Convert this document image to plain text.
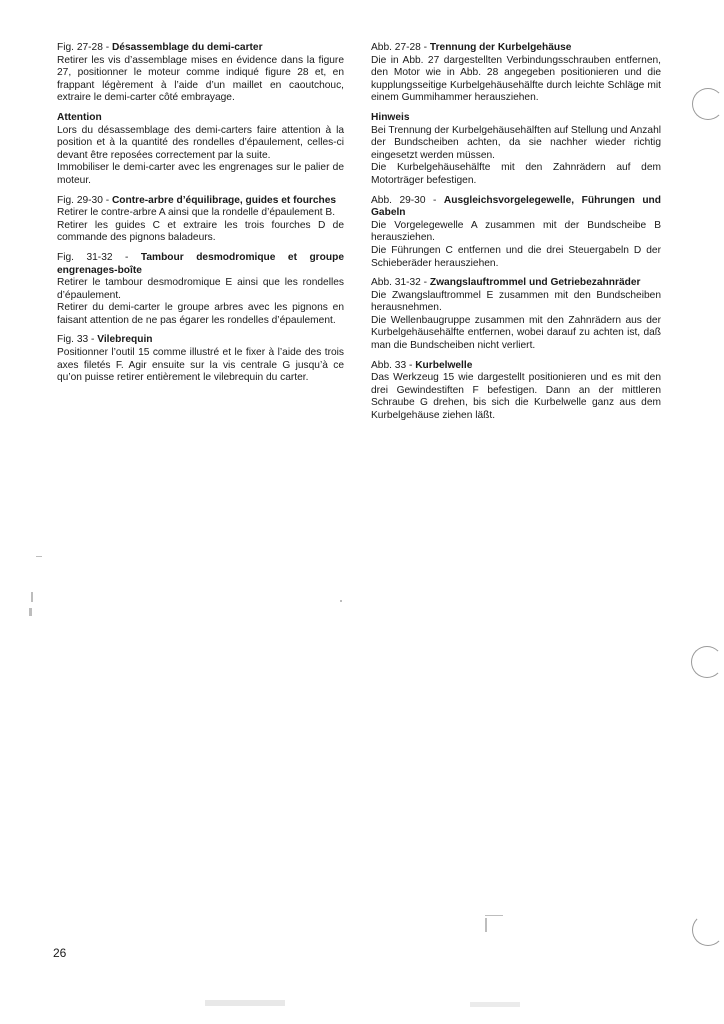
Fig. 27-28 - Désassemblage du demi-carter

Retirer les vis d’assemblage mises en évidence dans la figure 27, positionner le moteur comme indiqué figure 28 et, en frappant légèrement à l’aide d’un maillet en caoutchouc, extraire le demi-carter côté embrayage.

Attention

Lors du désassemblage des demi-carters faire attention à la position et à la quantité des rondelles d’épaulement, celles-ci devant être reposées correctement par la suite.

Immobiliser le demi-carter avec les engrenages sur le palier de moteur.

Fig. 29-30 - Contre-arbre d’équilibrage, guides et fourches

Retirer le contre-arbre A ainsi que la rondelle d’épaulement B.

Retirer les guides C et extraire les trois fourches D de commande des pignons baladeurs.

Fig. 31-32 - Tambour desmodromique et groupe engrenages-boîte

Retirer le tambour desmodromique E ainsi que les rondelles d’épaulement.

Retirer du demi-carter le groupe arbres avec les pignons en faisant attention de ne pas égarer les rondelles d’épaulement.

Fig. 33 - Vilebrequin

Positionner l’outil 15 comme illustré et le fixer à l’aide des trois axes filetés F. Agir ensuite sur la vis centrale G jusqu’à ce qu’on puisse retirer entièrement le vilebrequin du carter.

Abb. 27-28 - Trennung der Kurbelgehäuse

Die in Abb. 27 dargestellten Verbindungsschrauben entfernen, den Motor wie in Abb. 28 angegeben positionieren und die kupplungsseitige Kurbelgehäusehälfte durch leichte Schläge mit einem Gummihammer herausziehen.

Hinweis

Bei Trennung der Kurbelgehäusehälften auf Stellung und Anzahl der Bundscheiben achten, da sie nachher wieder richtig eingesetzt werden müssen.

Die Kurbelgehäusehälfte mit den Zahnrädern auf dem Motorträger befestigen.

Abb. 29-30 - Ausgleichsvorgelegewelle, Führungen und Gabeln

Die Vorgelegewelle A zusammen mit der Bundscheibe B herausziehen.

Die Führungen C entfernen und die drei Steuergabeln D der Schieberäder herausziehen.

Abb. 31-32 - Zwangslauftrommel und Getriebezahnräder

Die Zwangslauftrommel E zusammen mit den Bundscheiben herausnehmen.

Die Wellenbaugruppe zusammen mit den Zahnrädern aus der Kurbelgehäusehälfte entfernen, wobei darauf zu achten ist, daß man die Bundscheiben nicht verliert.

Abb. 33 - Kurbelwelle

Das Werkzeug 15 wie dargestellt positionieren und es mit den drei Gewindestiften F befestigen. Dann an der mittleren Schraube G drehen, bis sich die Kurbelwelle ganz aus dem Kurbelgehäuse ziehen läßt.

26
